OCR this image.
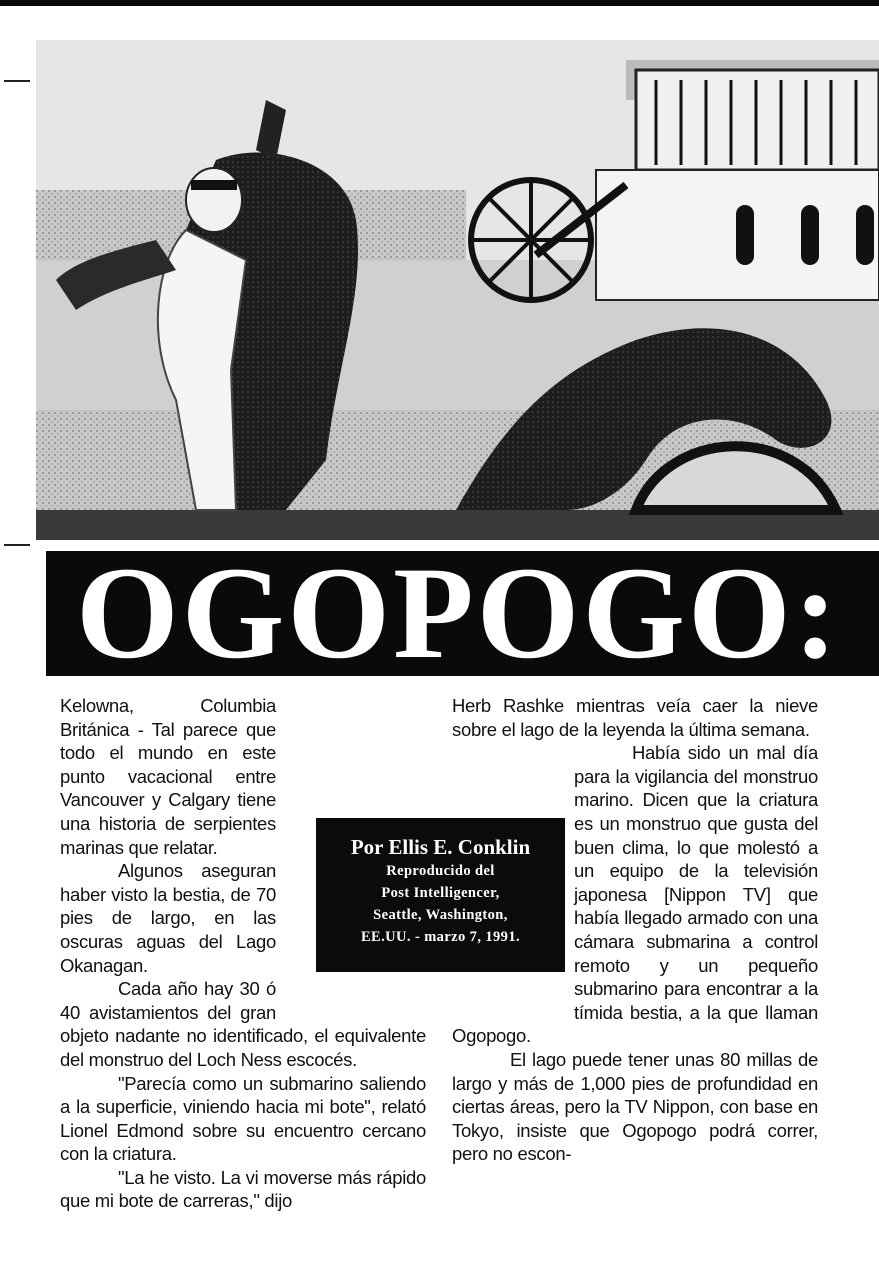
OGOPOGO:

Kelowna, Columbia Británica - Tal parece que todo el mundo en este punto vacacional entre Vancouver y Calgary tiene una historia de serpientes marinas que relatar.

Algunos aseguran haber visto la bestia, de 70 pies de largo, en las oscuras aguas del Lago Okanagan.

Cada año hay 30 ó 40 avistamientos del gran objeto nadante no identificado, el equivalente del monstruo del Loch Ness escocés.

"Parecía como un submarino saliendo a la superficie, viniendo hacia mi bote", relató Lionel Edmond sobre su encuentro cercano con la criatura.

"La he visto. La vi moverse más rápido que mi bote de carreras," dijo

Herb Rashke mientras veía caer la nieve sobre el lago de la leyenda la última semana.

Había sido un mal día para la vigilancia del monstruo marino. Dicen que la criatura es un monstruo que gusta del buen clima, lo que molestó a un equipo de la televisión japonesa [Nippon TV] que había llegado armado con una cámara submarina a control remoto y un pequeño submarino para encontrar a la tímida bestia, a la que llaman Ogopogo.

El lago puede tener unas 80 millas de largo y más de 1,000 pies de profundidad en ciertas áreas, pero la TV Nippon, con base en Tokyo, insiste que Ogopogo podrá correr, pero no escon-

Por Ellis E. Conklin
Reproducido del
Post Intelligencer,
Seattle, Washington,
EE.UU. - marzo 7, 1991.
